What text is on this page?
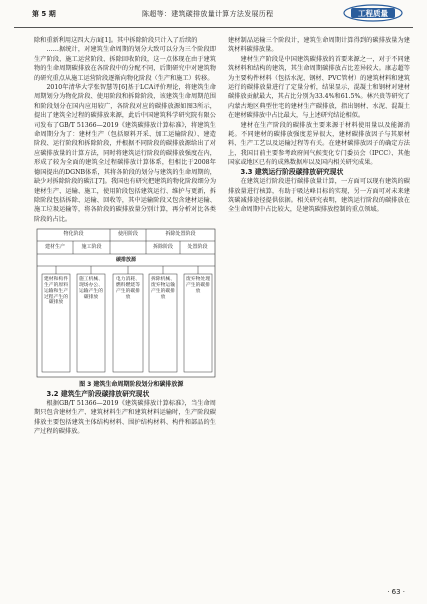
第 5 期	陈超等：建筑碳排放量计算方法发展历程	工程质量

除和重新利用这四大方面[1]。其中拆除阶段只计入了后续的

……据统计，对建筑生命周期的划分大致可以分为三个阶段即生产阶段、施工运营阶段、拆除回收阶段，这一点体现在由于建筑物的生命周期碳排放在各阶段中的分配不同，后期研究中对建筑物的研究重点从施工运营阶段逐渐向物化阶段（生产和施工）转移。

2010年清华大学张智慧等[6]基于LCA评价理论，将建筑生命周期划分为物化阶段、使用阶段和拆除阶段，该建筑生命周期范围和阶段划分在国内应用较广，各阶段对应的碳排放源如图3所示，提出了建筑全过程的碳排放来源，此后中国建筑科学研究院有限公司发布了GB/T 51366—2019《建筑碳排放计算标准》，将建筑生命周期分为了：建材生产（包括原料开采、加工运输阶段）、建造阶段、运行阶段和拆除阶段，并根据不同阶段的碳排放源给出了对应碳排放量的计算方法，同时将建筑运行阶段的碳排放强度在内，形成了较为全面的建筑全过程碳排放计算体系，但相比于2008年德国提出的DGNB体系，其将各阶段的划分与建筑的生命周期的，缺少对拆除阶段的碳汇[7]。我国也有研究把建筑的物化阶段细分为建材生产、运输、施工，使用阶段包括建筑运行、维护与更新，拆除阶段包括拆除、运输、回收等，其中运输阶段又包含建材运输、施工垃圾运输等，将各阶段的碳排放量分别计算，再分析对比各类阶段的占比。

物化阶段	使用阶段	拆除处置阶段
建材生产	施工阶段	拆除阶段	处置阶段
碳排放源
建材和构件生产的原料运输和生产过程产生的碳排放
施工机械、现场办公、运输产生的碳排放
电力消耗、燃料燃烧等产生的碳排放
拆除机械、废弃物运输产生的碳排放
废弃物处理产生的碳排放

图 3 建筑生命周期阶段划分和碳排放源

3.2 建筑生产阶段碳排放研究现状

根据GB/T 51366—2019《建筑碳排放计算标准》，当生命周期只包含建材生产、建筑材料生产和建筑材料运输时，生产阶段碳排放主要包括建筑主体结构材料、围护结构材料、构件和部品的生产过程的碳排放。

建材制品运输三个阶段计，建筑生命周期计算得到的碳排放量为建筑材料碳排放量。

建材生产阶段是中国建筑碳排放的首要来源之一，对于不同建筑材料和结构的建筑，其生命周期碳排放占比差异较大。康志超等为主要构件材料（包括水泥、钢材、PVC管材）的建筑材料和建筑运行的碳排放量进行了定量分析，结果显示，混凝土和钢材对建材碳排放贡献最大，其占比分别为33.4%和61.5%。林兴贵等研究了内蒙古地区典型住宅的建材生产碳排放，指出钢材、水泥、混凝土在建材碳排放中占比最大，与上述研究结论相似。

建材在生产阶段的碳排放主要来源于材料使用量以及能源消耗。不同建材的碳排放强度差异很大，建材碳排放因子与其原材料、生产工艺以及运输过程等有关。在建材碳排放因子的确定方法上，我国目前主要参考政府间气候变化专门委员会（IPCC）、其他国家或地区已有的成熟数据库以及国内相关研究成果。

3.3 建筑运行阶段碳排放研究现状

在建筑运行阶段进行碳排放量计算，一方面可以现有建筑的碳排放量进行核算，有助于吸达峰目标的实现，另一方面可对未来建筑碳减排途径提供依据。相关研究表明，建筑运行阶段的碳排放在全生命周期中占比较大，是建筑碳排放控制的重点领域。

· 63 ·
